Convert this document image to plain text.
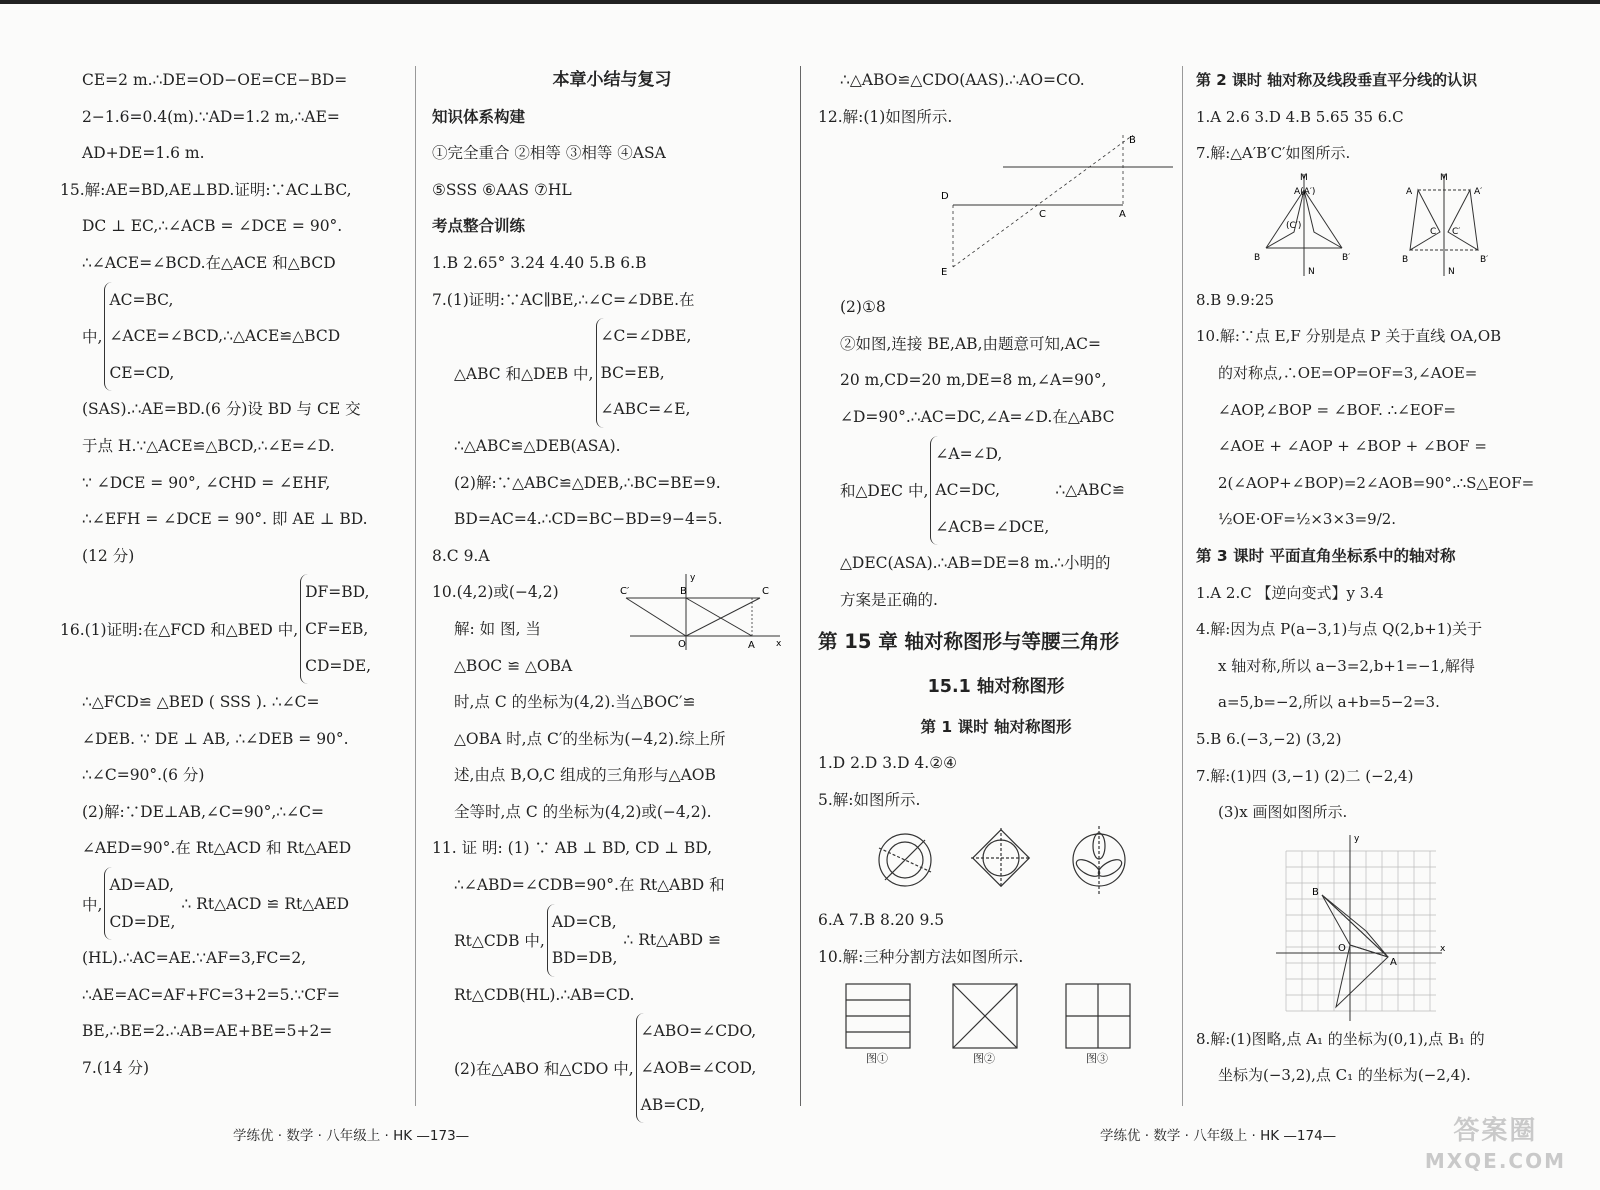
CE=2 m.∴DE=OD−OE=CE−BD=
2−1.6=0.4(m).∵AD=1.2 m,∴AE=
AD+DE=1.6 m.
15.解:AE=BD,AE⊥BD.证明:∵AC⊥BC,
DC ⊥ EC,∴∠ACB = ∠DCE = 90°.
∴∠ACE=∠BCD.在△ACE 和△BCD
中,
AC=BC,
∠ACE=∠BCD,∴△ACE≌△BCD
CE=CD,
(SAS).∴AE=BD.(6 分)设 BD 与 CE 交
于点 H.∵△ACE≌△BCD,∴∠E=∠D.
∵ ∠DCE = 90°, ∠CHD = ∠EHF,
∴∠EFH = ∠DCE = 90°. 即 AE ⊥ BD.
(12 分)
16.(1)证明:在△FCD 和△BED 中,
DF=BD,
CF=EB,
CD=DE,
∴△FCD≌ △BED ( SSS ). ∴∠C=
∠DEB. ∵ DE ⊥ AB, ∴∠DEB = 90°.
∴∠C=90°.(6 分)
(2)解:∵DE⊥AB,∠C=90°,∴∠C=
∠AED=90°.在 Rt△ACD 和 Rt△AED
中,
AD=AD,
CD=DE,
∴ Rt△ACD ≌ Rt△AED
(HL).∴AC=AE.∵AF=3,FC=2,
∴AE=AC=AF+FC=3+2=5.∵CF=
BE,∴BE=2.∴AB=AE+BE=5+2=
7.(14 分)
本章小结与复习
知识体系构建
①完全重合 ②相等 ③相等 ④ASA
⑤SSS ⑥AAS ⑦HL
考点整合训练
1.B 2.65° 3.24 4.40 5.B 6.B
7.(1)证明:∵AC∥BE,∴∠C=∠DBE.在
△ABC 和△DEB 中,
∠C=∠DBE,
BC=EB,
∠ABC=∠E,
∴△ABC≌△DEB(ASA).
(2)解:∵△ABC≌△DEB,∴BC=BE=9.
BD=AC=4.∴CD=BC−BD=9−4=5.
8.C 9.A
10.(4,2)或(−4,2)
解: 如 图, 当
△BOC ≌ △OBA
C′	B	C
O	A x
y
时,点 C 的坐标为(4,2).当△BOC′≌
△OBA 时,点 C′的坐标为(−4,2).综上所
述,由点 B,O,C 组成的三角形与△AOB
全等时,点 C 的坐标为(4,2)或(−4,2).
11. 证 明: (1) ∵ AB ⊥ BD, CD ⊥ BD,
∴∠ABD=∠CDB=90°.在 Rt△ABD 和
Rt△CDB 中,
AD=CB,
BD=DB,
∴ Rt△ABD ≌
Rt△CDB(HL).∴AB=CD.
(2)在△ABO 和△CDO 中,
∠ABO=∠CDO,
∠AOB=∠COD,
AB=CD,
∴△ABO≌△CDO(AAS).∴AO=CO.
12.解:(1)如图所示.
B
D
C	A
E
(2)①8
②如图,连接 BE,AB,由题意可知,AC=
20 m,CD=20 m,DE=8 m,∠A=90°,
∠D=90°.∴AC=DC,∠A=∠D.在△ABC
和△DEC 中,
∠A=∠D,
AC=DC,
∠ACB=∠DCE,
∴△ABC≌
△DEC(ASA).∴AB=DE=8 m.∴小明的
方案是正确的.
第 15 章 轴对称图形与等腰三角形
15.1 轴对称图形
第 1 课时 轴对称图形
1.D 2.D 3.D 4.②④
5.解:如图所示.
6.A 7.B 8.20 9.5
10.解:三种分割方法如图所示.
图①	图②	图③
第 2 课时 轴对称及线段垂直平分线的认识
1.A 2.6 3.D 4.B 5.65 35 6.C
7.解:△A′B′C′如图所示.
M
A(A′)
(C′)
B	B′
N
M
A	A′
C C′
B	B′
N
8.B 9.9:25
10.解:∵点 E,F 分别是点 P 关于直线 OA,OB
的对称点,∴OE=OP=OF=3,∠AOE=
∠AOP,∠BOP = ∠BOF. ∴∠EOF=
∠AOE + ∠AOP + ∠BOP + ∠BOF =
2(∠AOP+∠BOP)=2∠AOB=90°.∴S△EOF=
½OE·OF=½×3×3=9/2.
第 3 课时 平面直角坐标系中的轴对称
1.A 2.C 【逆向变式】y 3.4
4.解:因为点 P(a−3,1)与点 Q(2,b+1)关于
x 轴对称,所以 a−3=2,b+1=−1,解得
a=5,b=−2,所以 a+b=5−2=3.
5.B 6.(−3,−2) (3,2)
7.解:(1)四 (3,−1) (2)二 (−2,4)
(3)x 画图如图所示.
B
O
A
x
y
8.解:(1)图略,点 A₁ 的坐标为(0,1),点 B₁ 的
坐标为(−3,2),点 C₁ 的坐标为(−2,4).
学练优 · 数学 · 八年级上 · HK —173—	学练优 · 数学 · 八年级上 · HK —174—	答案圈
MXQE.COM
